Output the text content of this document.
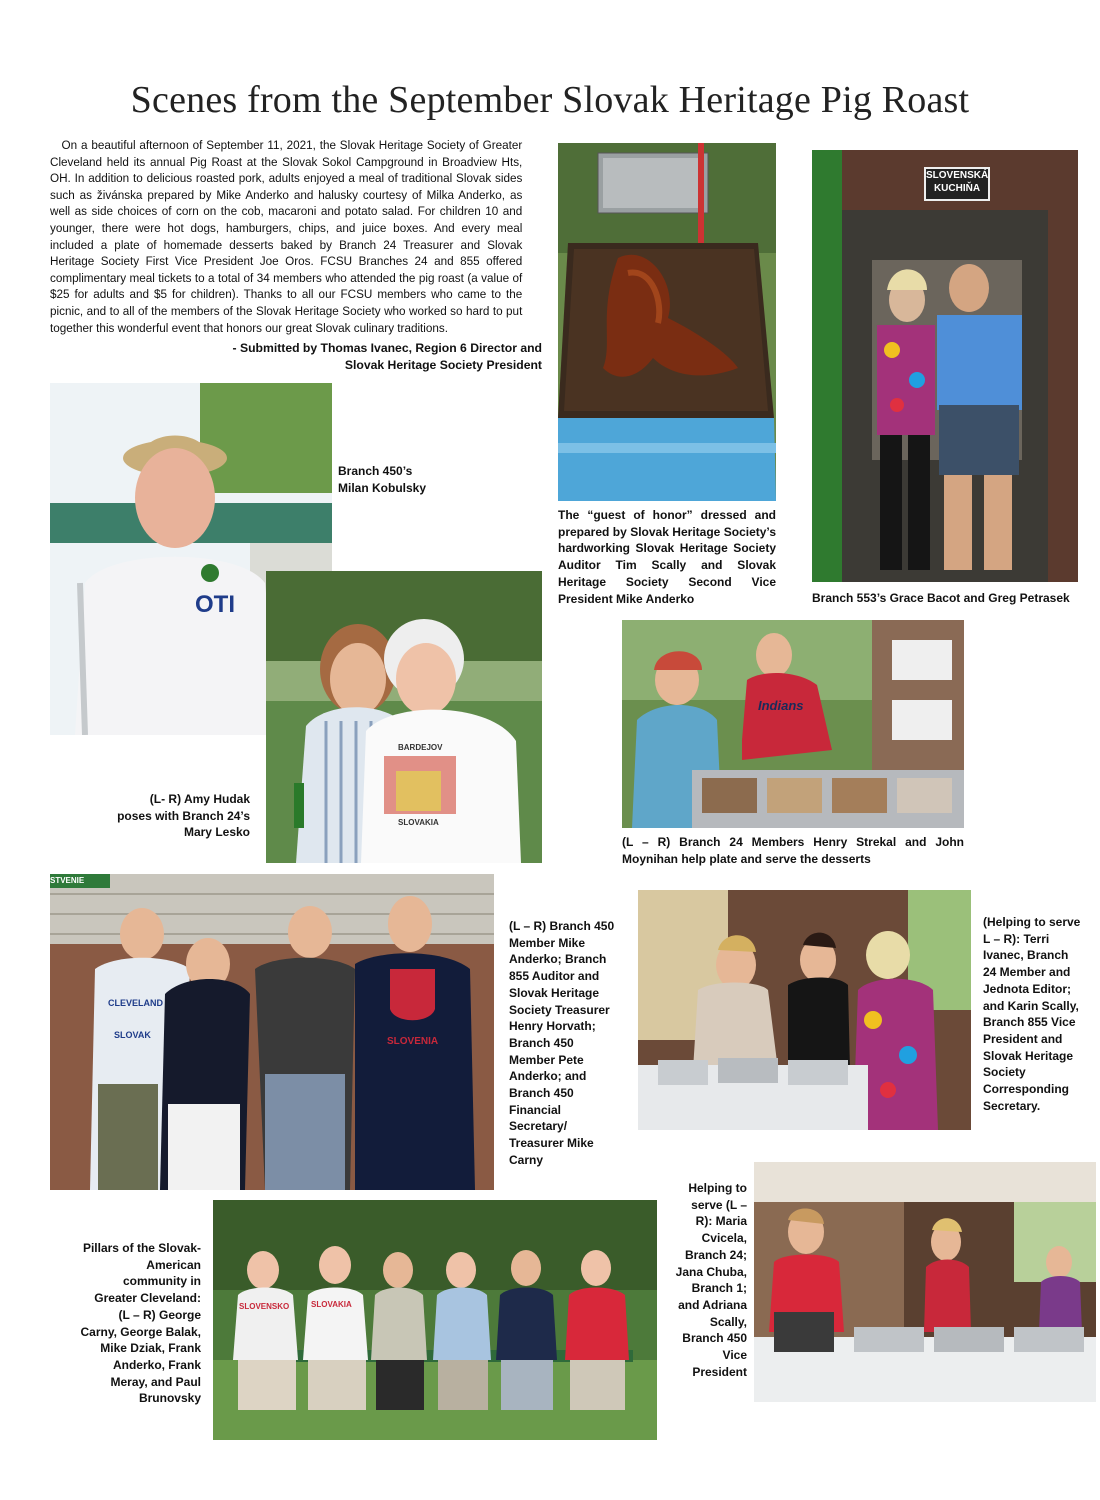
Scenes from the September Slovak Heritage Pig Roast

On a beautiful afternoon of September 11, 2021, the Slovak Heritage Society of Greater Cleveland held its annual Pig Roast at the Slovak Sokol Campground in Broadview Hts, OH. In addition to delicious roasted pork, adults enjoyed a meal of traditional Slovak sides such as živánska prepared by Mike Anderko and halusky courtesy of Milka Anderko, as well as side choices of corn on the cob, macaroni and potato salad. For children 10 and younger, there were hot dogs, hamburgers, chips, and juice boxes. And every meal included a plate of homemade desserts baked by Branch 24 Treasurer and Slovak Heritage Society First Vice President Joe Oros. FCSU Branches 24 and 855 offered complimentary meal tickets to a total of 34 members who attended the pig roast (a value of $25 for adults and $5 for children). Thanks to all our FCSU members who came to the picnic, and to all of the members of the Slovak Heritage Society who worked so hard to put together this wonderful event that honors our great Slovak culinary traditions.

- Submitted by Thomas Ivanec, Region 6 Director and
Slovak Heritage Society President
The “guest of honor” dressed and prepared by Slovak Heritage Society’s hardworking Slovak Heritage Society Auditor Tim Scally and Slovak Heritage Society Second Vice President Mike Anderko
SLOVENSKÁ
KUCHIŇA
Branch 553’s Grace Bacot and Greg Petrasek
OTI
Branch 450’s
Milan Kobulsky
BARDEJOV
SLOVAKIA
(L- R) Amy Hudak
poses with Branch 24’s
Mary Lesko
Indians
(L – R) Branch 24 Members Henry Strekal and John Moynihan help plate and serve the desserts
STVENIE
CLEVELAND
SLOVAK
SLOVENIA
(L – R) Branch 450 Member Mike Anderko; Branch 855 Auditor and Slovak Heritage Society Treasurer Henry Horvath; Branch 450 Member Pete Anderko; and Branch 450 Financial Secretary/ Treasurer Mike Carny
(Helping to serve L – R): Terri Ivanec, Branch 24 Member and Jednota Editor; and Karin Scally, Branch 855 Vice President and Slovak Heritage Society Corresponding Secretary.
SLOVENSKO	SLOVAKIA
Pillars of the Slovak-American community in Greater Cleveland: (L – R) George Carny, George Balak, Mike Dziak, Frank Anderko, Frank Meray, and Paul Brunovsky
Helping to serve (L – R): Maria Cvicela, Branch 24; Jana Chuba, Branch 1; and Adriana Scally, Branch 450 Vice President
